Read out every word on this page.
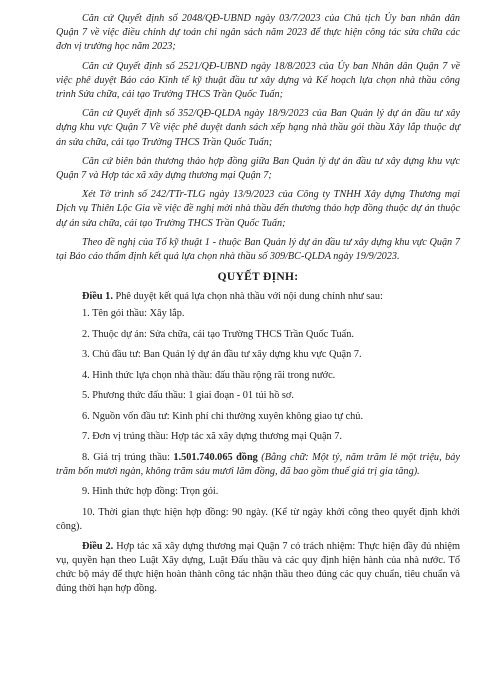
Căn cứ Quyết định số 2048/QĐ-UBND ngày 03/7/2023 của Chủ tịch Ủy ban nhân dân Quận 7 về việc điều chỉnh dự toán chi ngân sách năm 2023 để thực hiện công tác sửa chữa các đơn vị trường học năm 2023;

Căn cứ Quyết định số 2521/QĐ-UBND ngày 18/8/2023 của Ủy ban Nhân dân Quận 7 về việc phê duyệt Báo cáo Kinh tế kỹ thuật đầu tư xây dựng và Kế hoạch lựa chọn nhà thầu công trình Sửa chữa, cải tạo Trường THCS Trần Quốc Tuấn;

Căn cứ Quyết định số 352/QĐ-QLDA ngày 18/9/2023 của Ban Quản lý dự án đầu tư xây dựng khu vực Quận 7 Về việc phê duyệt danh sách xếp hạng nhà thầu gói thầu Xây lắp thuộc dự án sửa chữa, cải tạo Trường THCS Trần Quốc Tuấn;

Căn cứ biên bản thương thảo hợp đồng giữa Ban Quản lý dự án đầu tư xây dựng khu vực Quận 7 và Hợp tác xã xây dựng thương mại Quận 7;

Xét Tờ trình số 242/TTr-TLG ngày 13/9/2023 của Công ty TNHH Xây dựng Thương mại Dịch vụ Thiên Lộc Gia về việc đề nghị mời nhà thầu đến thương thảo hợp đồng thuộc dự án thuộc dự án sửa chữa, cải tạo Trường THCS Trần Quốc Tuấn;

Theo đề nghị của Tổ kỹ thuật 1 - thuộc Ban Quản lý dự án đầu tư xây dựng khu vực Quận 7 tại Báo cáo thẩm định kết quả lựa chọn nhà thầu số 309/BC-QLDA ngày 19/9/2023.

QUYẾT ĐỊNH:

Điều 1. Phê duyệt kết quả lựa chọn nhà thầu với nội dung chính như sau:

1. Tên gói thầu: Xây lắp.

2. Thuộc dự án: Sửa chữa, cải tạo Trường THCS Trần Quốc Tuấn.

3. Chủ đầu tư: Ban Quản lý dự án đầu tư xây dựng khu vực Quận 7.

4. Hình thức lựa chọn nhà thầu: đấu thầu rộng rãi trong nước.

5. Phương thức đấu thầu: 1 giai đoạn - 01 túi hồ sơ.

6. Nguồn vốn đầu tư: Kinh phí chi thường xuyên không giao tự chủ.

7. Đơn vị trúng thầu: Hợp tác xã xây dựng thương mại Quận 7.

8. Giá trị trúng thầu: 1.501.740.065 đồng (Bằng chữ: Một tỷ, năm trăm lẻ một triệu, bảy trăm bốn mươi ngàn, không trăm sáu mươi lăm đồng, đã bao gồm thuế giá trị gia tăng).

9. Hình thức hợp đồng: Trọn gói.

10. Thời gian thực hiện hợp đồng: 90 ngày. (Kể từ ngày khởi công theo quyết định khởi công).

Điều 2. Hợp tác xã xây dựng thương mại Quận 7 có trách nhiệm: Thực hiện đầy đủ nhiệm vụ, quyền hạn theo Luật Xây dựng, Luật Đấu thầu và các quy định hiện hành của nhà nước. Tổ chức bộ máy để thực hiện hoàn thành công tác nhận thầu theo đúng các quy chuẩn, tiêu chuẩn và đúng thời hạn hợp đồng.
